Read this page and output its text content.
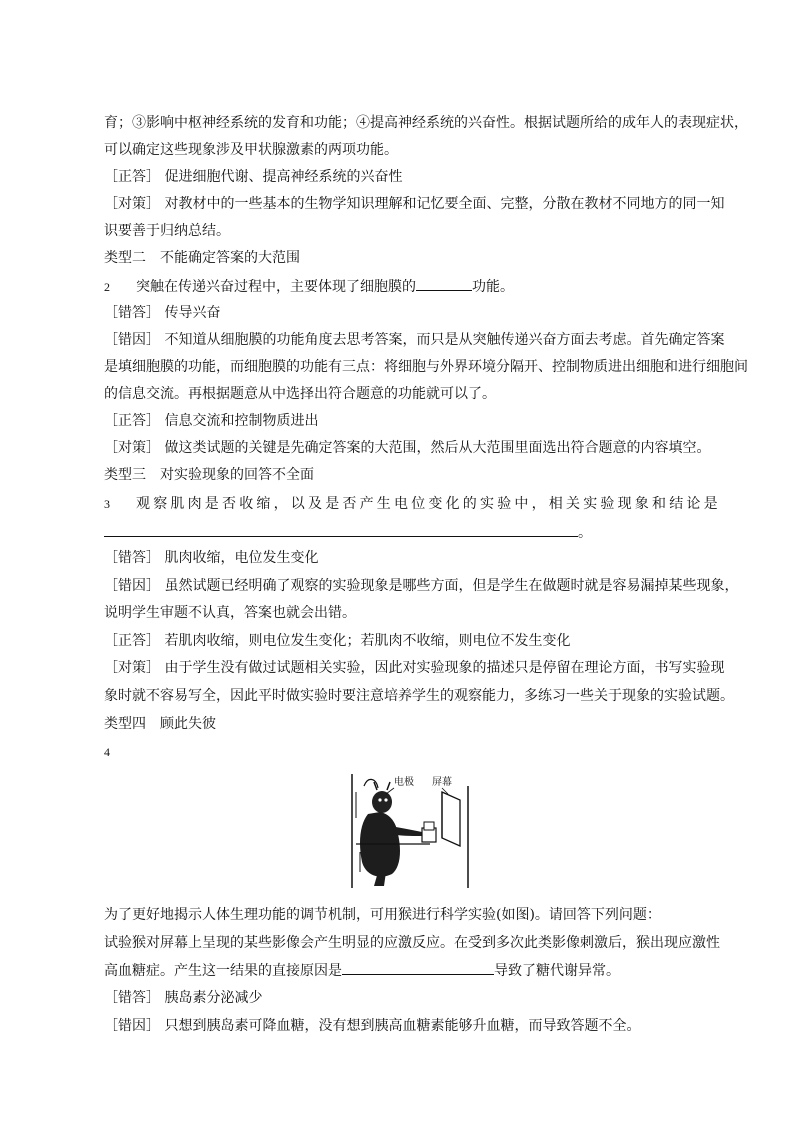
育；③影响中枢神经系统的发育和功能；④提高神经系统的兴奋性。根据试题所给的成年人的表现症状，
可以确定这些现象涉及甲状腺激素的两项功能。
［正答］ 促进细胞代谢、提高神经系统的兴奋性
［对策］ 对教材中的一些基本的生物学知识理解和记忆要全面、完整，分散在教材不同地方的同一知
识要善于归纳总结。
类型二　不能确定答案的大范围
2 突触在传递兴奋过程中，主要体现了细胞膜的	功能。
［错答］ 传导兴奋
［错因］ 不知道从细胞膜的功能角度去思考答案，而只是从突触传递兴奋方面去考虑。首先确定答案
是填细胞膜的功能，而细胞膜的功能有三点：将细胞与外界环境分隔开、控制物质进出细胞和进行细胞间
的信息交流。再根据题意从中选择出符合题意的功能就可以了。
［正答］ 信息交流和控制物质进出
［对策］ 做这类试题的关键是先确定答案的大范围，然后从大范围里面选出符合题意的内容填空。
类型三　对实验现象的回答不全面
3 观察肌肉是否收缩，以及是否产生电位变化的实验中，相关实验现象和结论是
。
［错答］ 肌肉收缩，电位发生变化
［错因］ 虽然试题已经明确了观察的实验现象是哪些方面，但是学生在做题时就是容易漏掉某些现象，
说明学生审题不认真，答案也就会出错。
［正答］ 若肌肉收缩，则电位发生变化；若肌肉不收缩，则电位不发生变化
［对策］ 由于学生没有做过试题相关实验，因此对实验现象的描述只是停留在理论方面，书写实验现
象时就不容易写全，因此平时做实验时要注意培养学生的观察能力，多练习一些关于现象的实验试题。
类型四　顾此失彼
4
电极 屏幕
为了更好地揭示人体生理功能的调节机制，可用猴进行科学实验(如图)。请回答下列问题：
试验猴对屏幕上呈现的某些影像会产生明显的应激反应。在受到多次此类影像刺激后，猴出现应激性
高血糖症。产生这一结果的直接原因是	导致了糖代谢异常。
［错答］ 胰岛素分泌减少
［错因］ 只想到胰岛素可降血糖，没有想到胰高血糖素能够升血糖，而导致答题不全。
